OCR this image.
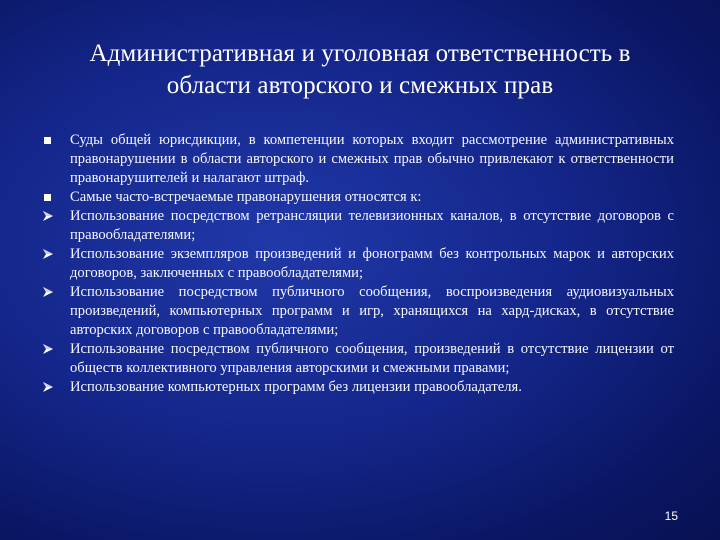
Административная и уголовная ответственность в
области авторского и смежных прав
Суды общей юрисдикции, в компетенции которых входит рассмотрение административных правонарушении в области авторского и смежных прав обычно привлекают к ответственности правонарушителей и налагают штраф.
Самые часто-встречаемые правонарушения относятся к:
Использование посредством ретрансляции телевизионных каналов, в отсутствие договоров с правообладателями;
Использование экземпляров произведений и фонограмм без контрольных марок и авторских договоров, заключенных с правообладателями;
Использование посредством публичного сообщения, воспроизведения аудиовизуальных произведений, компьютерных программ и игр, хранящихся на хард-дисках, в отсутствие авторских договоров с правообладателями;
Использование посредством публичного сообщения, произведений в отсутствие лицензии от обществ коллективного управления авторскими и смежными правами;
Использование компьютерных программ без лицензии правообладателя.
15
